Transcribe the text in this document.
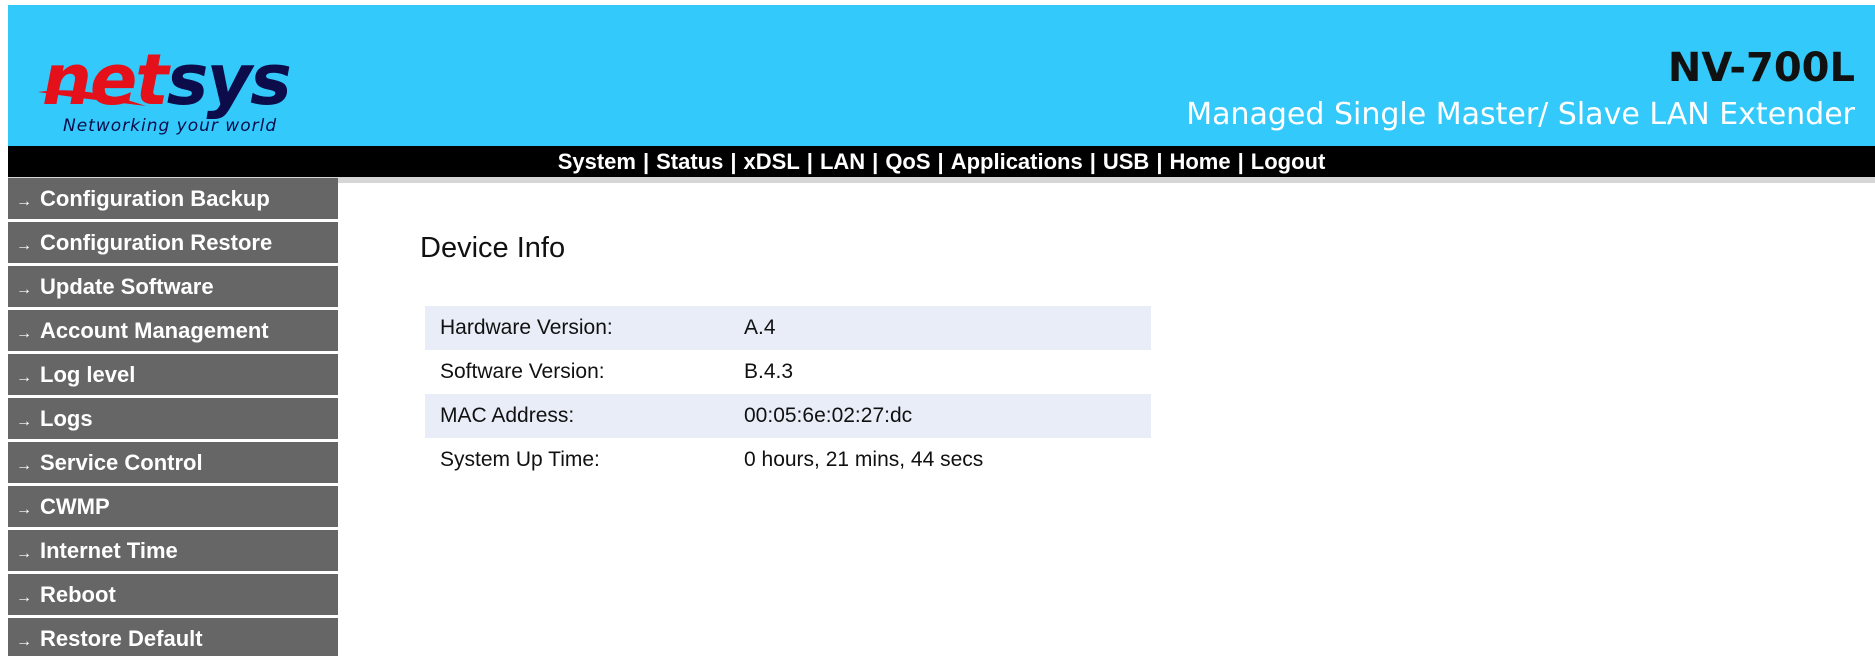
netsys
Networking your world
NV-700L
Managed Single Master/ Slave LAN Extender
System | Status | xDSL | LAN | QoS | Applications | USB | Home | Logout
→ Configuration Backup
→ Configuration Restore
→ Update Software
→ Account Management
→ Log level
→ Logs
→ Service Control
→ CWMP
→ Internet Time
→ Reboot
→ Restore Default
Device Info
Hardware Version:	A.4
Software Version:	B.4.3
MAC Address:	00:05:6e:02:27:dc
System Up Time:	0 hours, 21 mins, 44 secs
